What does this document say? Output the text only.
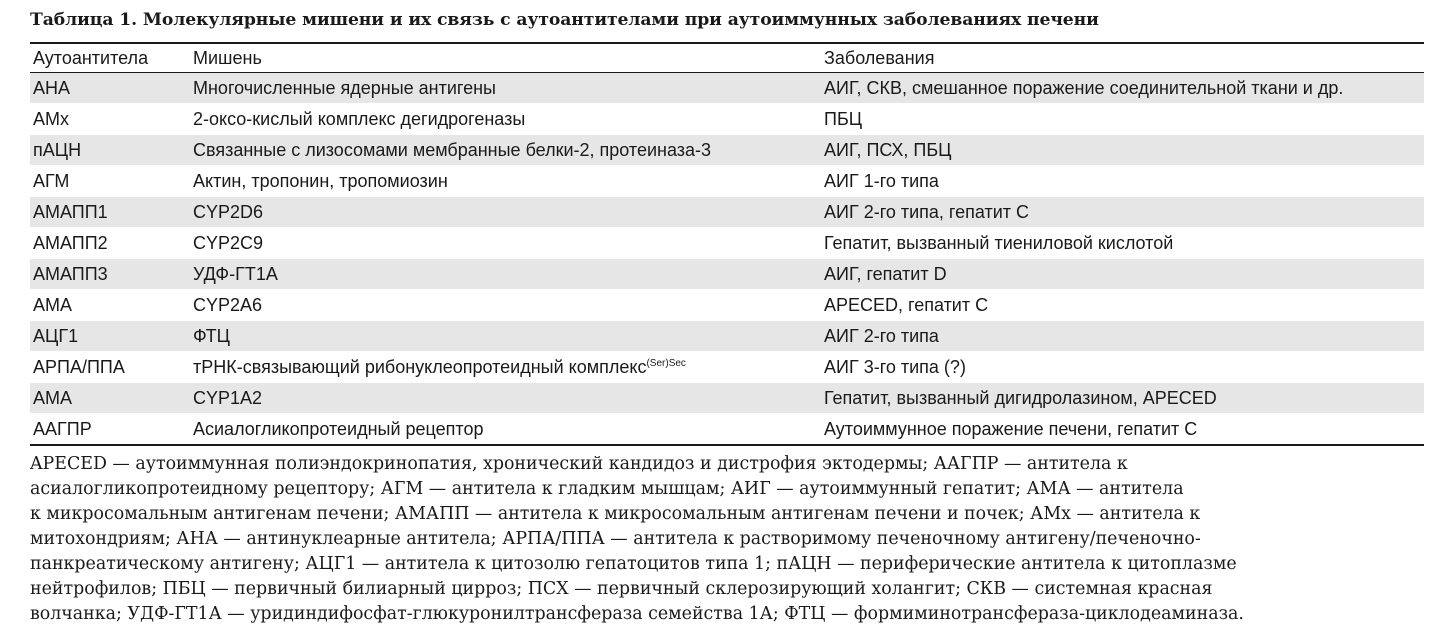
Таблица 1. Молекулярные мишени и их связь с аутоантителами при аутоиммунных заболеваниях печени
Аутоантитела	Мишень	Заболевания
АНА	Многочисленные ядерные антигены	АИГ, СКВ, смешанное поражение соединительной ткани и др.
АМх	2-оксо-кислый комплекс дегидрогеназы	ПБЦ
пАЦН	Связанные с лизосомами мембранные белки-2, протеиназа-3	АИГ, ПСХ, ПБЦ
АГМ	Актин, тропонин, тропомиозин	АИГ 1-го типа
АМАПП1	CYP2D6	АИГ 2-го типа, гепатит С
АМАПП2	CYP2C9	Гепатит, вызванный тиениловой кислотой
АМАПП3	УДФ-ГТ1А	АИГ, гепатит D
АМА	CYP2A6	APECED, гепатит С
АЦГ1	ФТЦ	АИГ 2-го типа
АРПА/ППА	тРНК-связывающий рибонуклеопротеидный комплекс$^{(Ser)Sec}$	АИГ 3-го типа (?)
АМА	CYP1A2	Гепатит, вызванный дигидролазином, APECED
ААГПР	Асиалогликопротеидный рецептор	Аутоиммунное поражение печени, гепатит С
APECED — аутоиммунная полиэндокринопатия, хронический кандидоз и дистрофия эктодермы; ААГПР — антитела к
асиалогликопротеидному рецептору; АГМ — антитела к гладким мышцам; АИГ — аутоиммунный гепатит; АМА — антитела
к микросомальным антигенам печени; АМАПП — антитела к микросомальным антигенам печени и почек; АМх — антитела к
митохондриям; АНА — антинуклеарные антитела; АРПА/ППА — антитела к растворимому печеночному антигену/печеночно-
панкреатическому антигену; АЦГ1 — антитела к цитозолю гепатоцитов типа 1; пАЦН — периферические антитела к цитоплазме
нейтрофилов; ПБЦ — первичный билиарный цирроз; ПСХ — первичный склерозирующий холангит; СКВ — системная красная
волчанка; УДФ-ГТ1А — уридиндифосфат-глюкуронилтрансфераза семейства 1А; ФТЦ — формиминотрансфераза-циклодеаминаза.
